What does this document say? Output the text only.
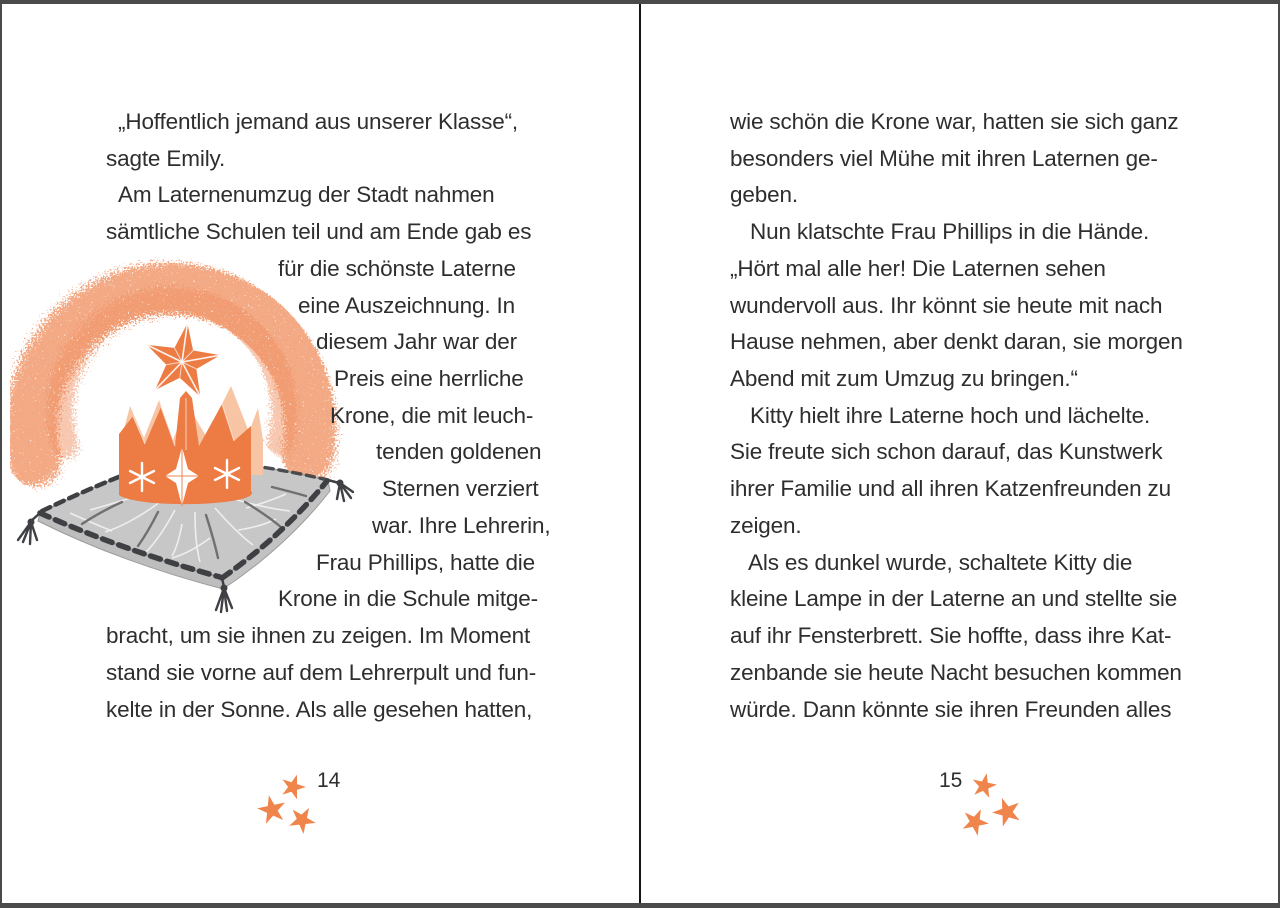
„Hoffentlich jemand aus unserer Klasse“,
sagte Emily.
Am Laternenumzug der Stadt nahmen
sämtliche Schulen teil und am Ende gab es
für die schönste Laterne
eine Auszeichnung. In
diesem Jahr war der
Preis eine herrliche
Krone, die mit leuch-
tenden goldenen
Sternen verziert
war. Ihre Lehrerin,
Frau Phillips, hatte die
Krone in die Schule mitge-
bracht, um sie ihnen zu zeigen. Im Moment
stand sie vorne auf dem Lehrerpult und fun-
kelte in der Sonne. Als alle gesehen hatten,
14
wie schön die Krone war, hatten sie sich ganz
besonders viel Mühe mit ihren Laternen ge-
geben.
Nun klatschte Frau Phillips in die Hände.
„Hört mal alle her! Die Laternen sehen
wundervoll aus. Ihr könnt sie heute mit nach
Hause nehmen, aber denkt daran, sie morgen
Abend mit zum Umzug zu bringen.“
Kitty hielt ihre Laterne hoch und lächelte.
Sie freute sich schon darauf, das Kunstwerk
ihrer Familie und all ihren Katzenfreunden zu
zeigen.
Als es dunkel wurde, schaltete Kitty die
kleine Lampe in der Laterne an und stellte sie
auf ihr Fensterbrett. Sie hoffte, dass ihre Kat-
zenbande sie heute Nacht besuchen kommen
würde. Dann könnte sie ihren Freunden alles
15
